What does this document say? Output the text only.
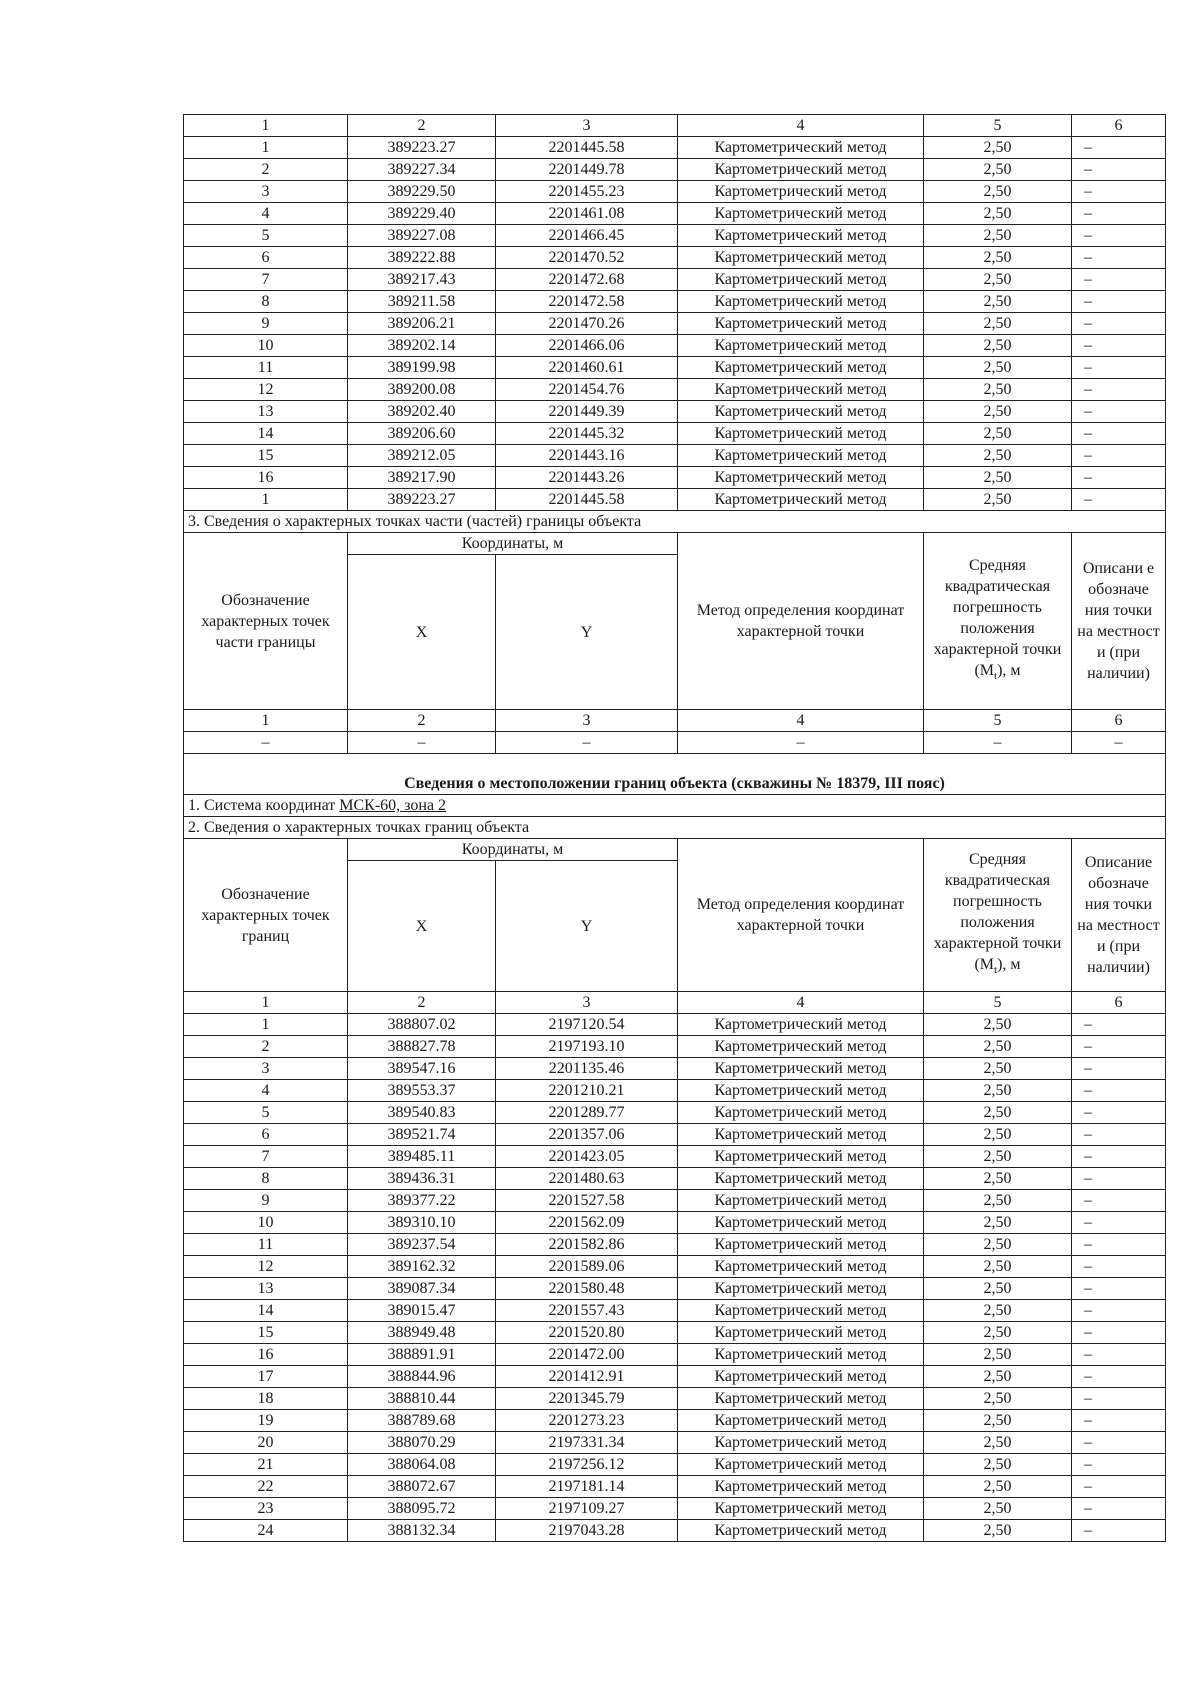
1	2	3	4	5	6
1	389223.27	2201445.58	Картометрический метод	2,50	–
2	389227.34	2201449.78	Картометрический метод	2,50	–
3	389229.50	2201455.23	Картометрический метод	2,50	–
4	389229.40	2201461.08	Картометрический метод	2,50	–
5	389227.08	2201466.45	Картометрический метод	2,50	–
6	389222.88	2201470.52	Картометрический метод	2,50	–
7	389217.43	2201472.68	Картометрический метод	2,50	–
8	389211.58	2201472.58	Картометрический метод	2,50	–
9	389206.21	2201470.26	Картометрический метод	2,50	–
10	389202.14	2201466.06	Картометрический метод	2,50	–
11	389199.98	2201460.61	Картометрический метод	2,50	–
12	389200.08	2201454.76	Картометрический метод	2,50	–
13	389202.40	2201449.39	Картометрический метод	2,50	–
14	389206.60	2201445.32	Картометрический метод	2,50	–
15	389212.05	2201443.16	Картометрический метод	2,50	–
16	389217.90	2201443.26	Картометрический метод	2,50	–
1	389223.27	2201445.58	Картометрический метод	2,50	–
3. Сведения о характерных точках части (частей) границы объекта					
Обозначение характерных точек части границы	Координаты, м		Метод определения координат характерной точки	Средняя квадратическая погрешность положения характерной точки $(M_t)$, м	Описани е обозначе ния точки на местност и (при наличии)
	X	Y			
1	2	3	4	5	6
–	–	–	–	–	–
Сведения о местоположении границ объекта (скважины № 18379, III пояс)					
1. Система координат МСК-60, зона 2					
2. Сведения о характерных точках границ объекта					
Обозначение характерных точек границ	Координаты, м		Метод определения координат характерной точки	Средняя квадратическая погрешность положения характерной точки $(M_t)$, м	Описание обозначе ния точки на местност и (при наличии)
	X	Y			
1	2	3	4	5	6
1	388807.02	2197120.54	Картометрический метод	2,50	–
2	388827.78	2197193.10	Картометрический метод	2,50	–
3	389547.16	2201135.46	Картометрический метод	2,50	–
4	389553.37	2201210.21	Картометрический метод	2,50	–
5	389540.83	2201289.77	Картометрический метод	2,50	–
6	389521.74	2201357.06	Картометрический метод	2,50	–
7	389485.11	2201423.05	Картометрический метод	2,50	–
8	389436.31	2201480.63	Картометрический метод	2,50	–
9	389377.22	2201527.58	Картометрический метод	2,50	–
10	389310.10	2201562.09	Картометрический метод	2,50	–
11	389237.54	2201582.86	Картометрический метод	2,50	–
12	389162.32	2201589.06	Картометрический метод	2,50	–
13	389087.34	2201580.48	Картометрический метод	2,50	–
14	389015.47	2201557.43	Картометрический метод	2,50	–
15	388949.48	2201520.80	Картометрический метод	2,50	–
16	388891.91	2201472.00	Картометрический метод	2,50	–
17	388844.96	2201412.91	Картометрический метод	2,50	–
18	388810.44	2201345.79	Картометрический метод	2,50	–
19	388789.68	2201273.23	Картометрический метод	2,50	–
20	388070.29	2197331.34	Картометрический метод	2,50	–
21	388064.08	2197256.12	Картометрический метод	2,50	–
22	388072.67	2197181.14	Картометрический метод	2,50	–
23	388095.72	2197109.27	Картометрический метод	2,50	–
24	388132.34	2197043.28	Картометрический метод	2,50	–
